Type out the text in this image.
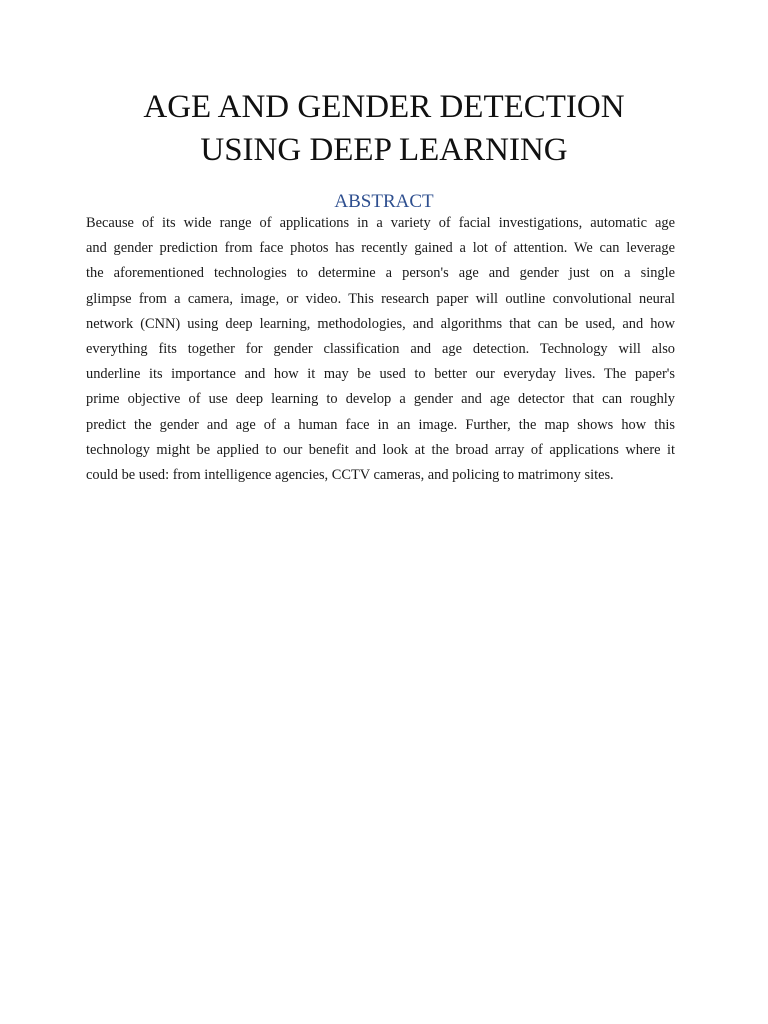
AGE AND GENDER DETECTION
USING DEEP LEARNING
ABSTRACT
Because of its wide range of applications in a variety of facial investigations, automatic age
and gender prediction from face photos has recently gained a lot of attention. We can leverage
the aforementioned technologies to determine a person's age and gender just on a single
glimpse from a camera, image, or video. This research paper will outline convolutional neural
network (CNN) using deep learning, methodologies, and algorithms that can be used, and how
everything fits together for gender classification and age detection. Technology will also
underline its importance and how it may be used to better our everyday lives. The paper's
prime objective of use deep learning to develop a gender and age detector that can roughly
predict the gender and age of a human face in an image. Further, the map shows how this
technology might be applied to our benefit and look at the broad array of applications where it
could be used: from intelligence agencies, CCTV cameras, and policing to matrimony sites.
